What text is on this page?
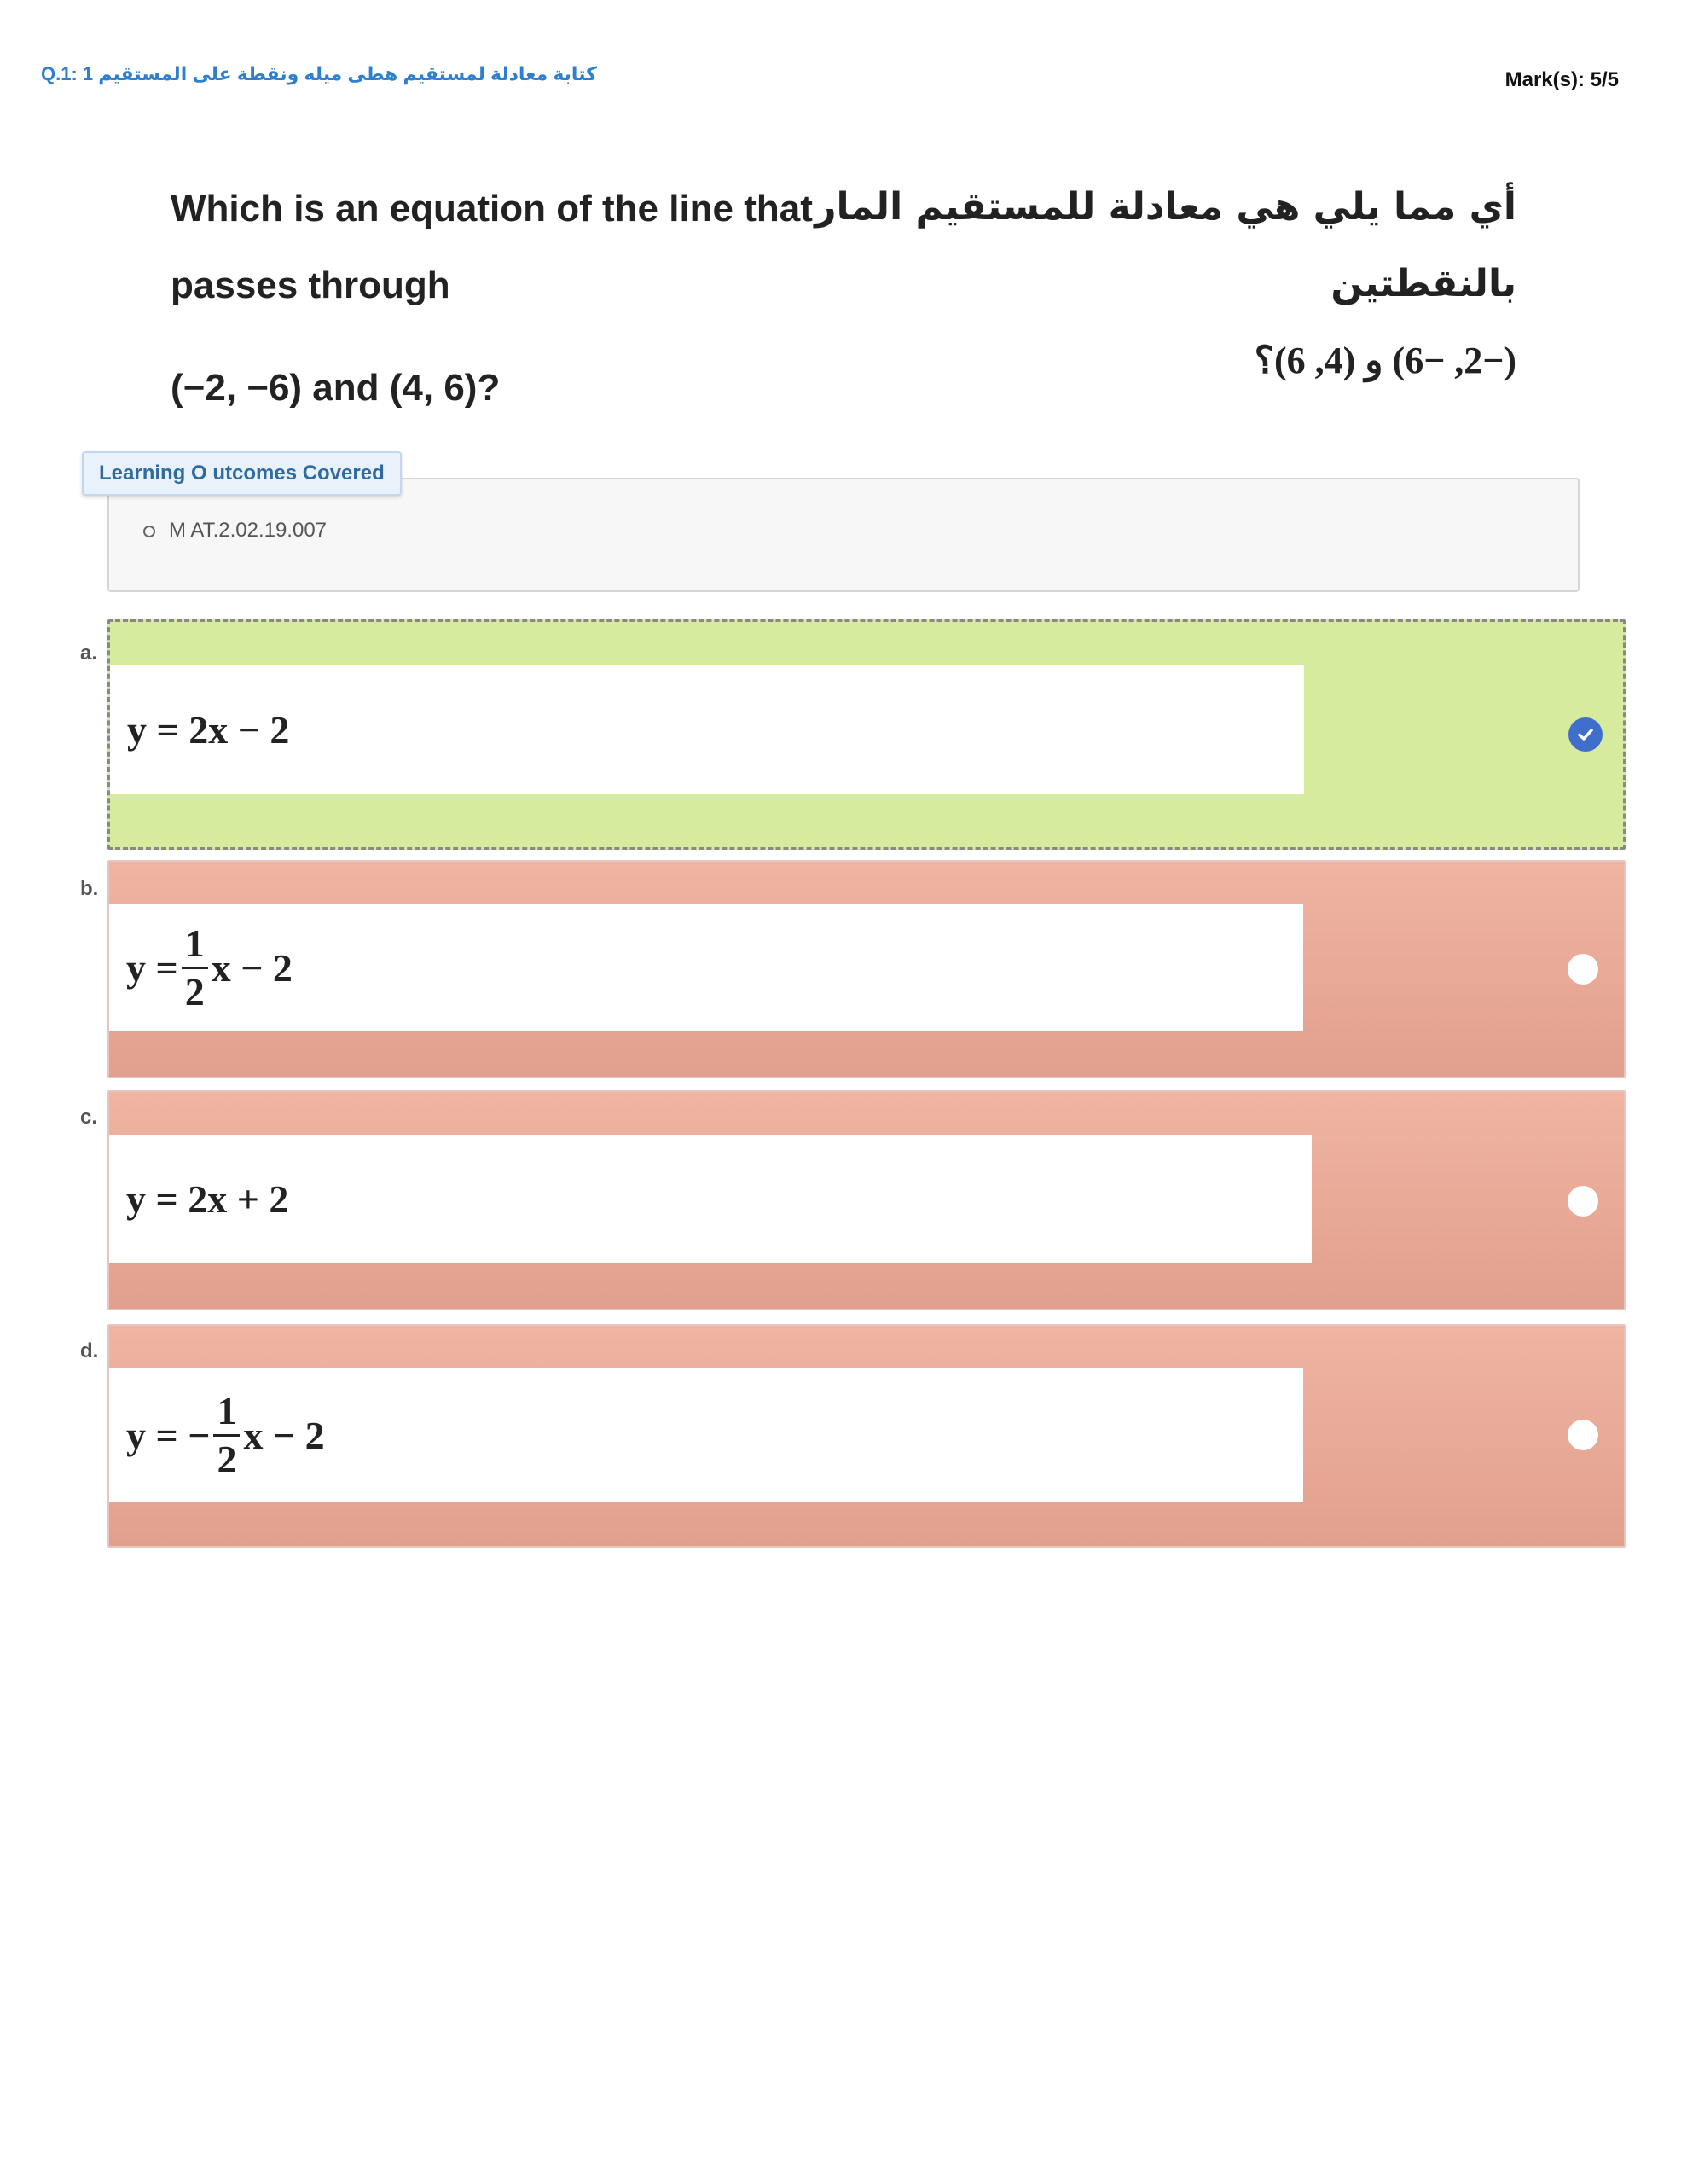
Q.1: 1 كتابة معادلة لمستقيم هطى ميله ونقطة على المستقيم	Mark(s): 5/5
Which is an equation of the line that
passes through
(−2, −6) and (4, 6)?
أي مما يلي هي معادلة للمستقيم المار بالنقطتين
(−2, −6) و (4, 6)؟
Learning O utcomes Covered
M AT.2.02.19.007
a.
y = 2x − 2
b.
$y = \frac{1}{2}$ x − 2
c.
y = 2x + 2
d.
y = − $\frac{1}{2}$ x − 2
